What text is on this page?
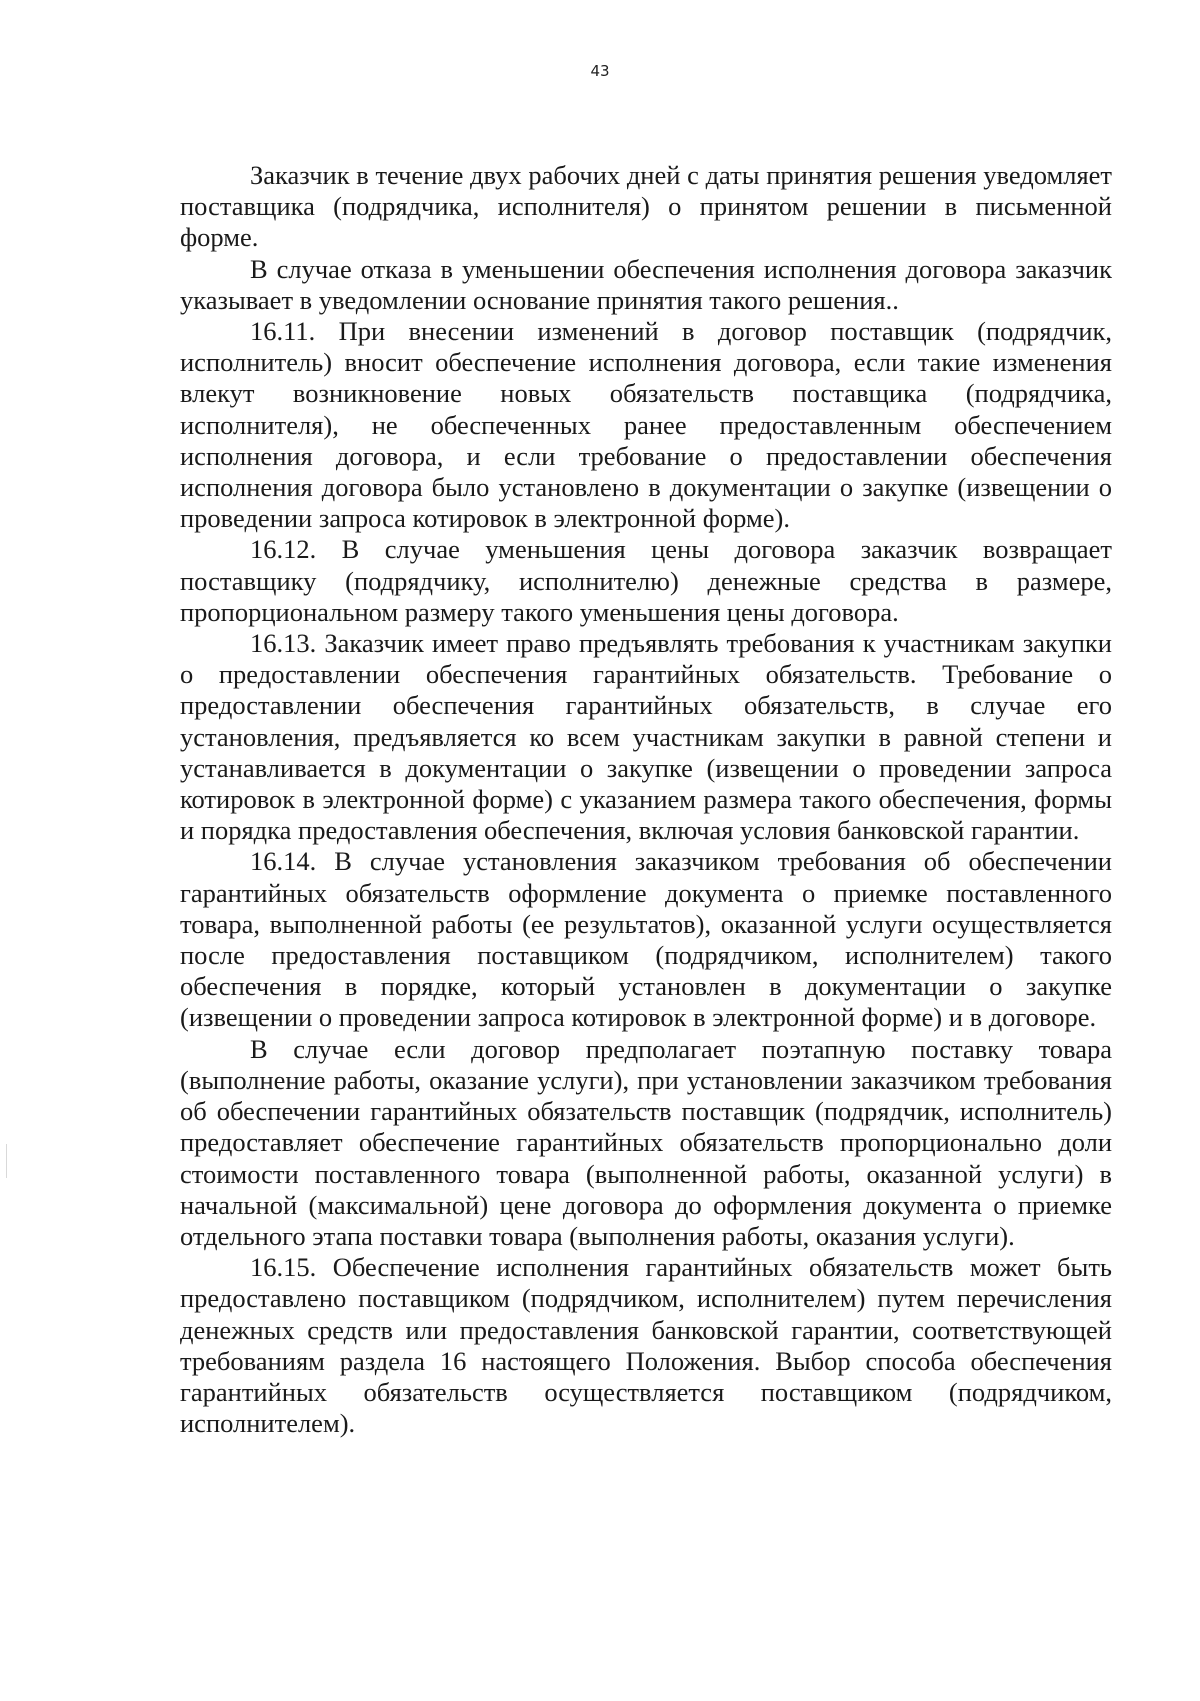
43

Заказчик в течение двух рабочих дней с даты принятия решения уведомляет поставщика (подрядчика, исполнителя) о принятом решении в письменной форме.

В случае отказа в уменьшении обеспечения исполнения договора заказчик указывает в уведомлении основание принятия такого решения..

16.11. При внесении изменений в договор поставщик (подрядчик, исполнитель) вносит обеспечение исполнения договора, если такие изменения влекут возникновение новых обязательств поставщика (подрядчика, исполнителя), не обеспеченных ранее предоставленным обеспечением исполнения договора, и если требование о предоставлении обеспечения исполнения договора было установлено в документации о закупке (извещении о проведении запроса котировок в электронной форме).

16.12. В случае уменьшения цены договора заказчик возвращает поставщику (подрядчику, исполнителю) денежные средства в размере, пропорциональном размеру такого уменьшения цены договора.

16.13. Заказчик имеет право предъявлять требования к участникам закупки о предоставлении обеспечения гарантийных обязательств. Требование о предоставлении обеспечения гарантийных обязательств, в случае его установления, предъявляется ко всем участникам закупки в равной степени и устанавливается в документации о закупке (извещении о проведении запроса котировок в электронной форме) с указанием размера такого обеспечения, формы и порядка предоставления обеспечения, включая условия банковской гарантии.

16.14. В случае установления заказчиком требования об обеспечении гарантийных обязательств оформление документа о приемке поставленного товара, выполненной работы (ее результатов), оказанной услуги осуществляется после предоставления поставщиком (подрядчиком, исполнителем) такого обеспечения в порядке, который установлен в документации о закупке (извещении о проведении запроса котировок в электронной форме) и в договоре.

В случае если договор предполагает поэтапную поставку товара (выполнение работы, оказание услуги), при установлении заказчиком требования об обеспечении гарантийных обязательств поставщик (подрядчик, исполнитель) предоставляет обеспечение гарантийных обязательств пропорционально доли стоимости поставленного товара (выполненной работы, оказанной услуги) в начальной (максимальной) цене договора до оформления документа о приемке отдельного этапа поставки товара (выполнения работы, оказания услуги).

16.15. Обеспечение исполнения гарантийных обязательств может быть предоставлено поставщиком (подрядчиком, исполнителем) путем перечисления денежных средств или предоставления банковской гарантии, соответствующей требованиям раздела 16 настоящего Положения. Выбор способа обеспечения гарантийных обязательств осуществляется поставщиком (подрядчиком, исполнителем).
